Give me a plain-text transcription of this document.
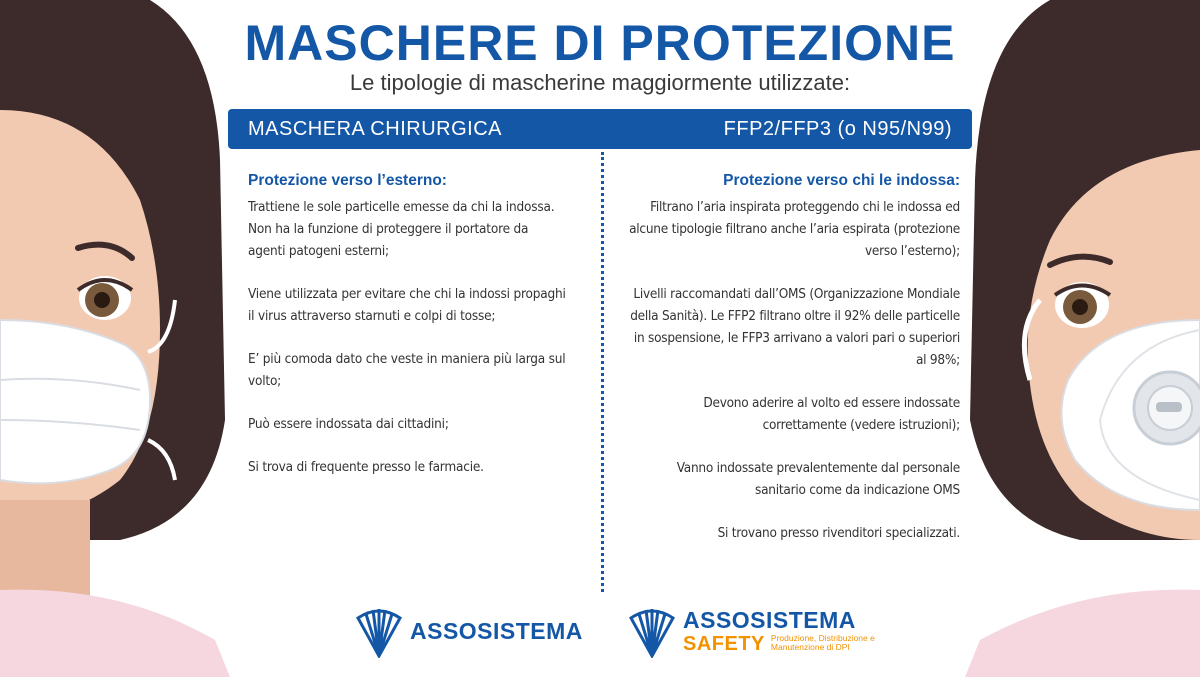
MASCHERE DI PROTEZIONE
Le tipologie di mascherine maggiormente utilizzate:
MASCHERA CHIRURGICA	FFP2/FFP3 (o N95/N99)
Protezione verso l’esterno:

Trattiene le sole particelle emesse da chi la indossa. Non ha la funzione di proteggere il portatore da agenti patogeni esterni;

Viene utilizzata per evitare che chi la indossi propaghi il virus attraverso starnuti e colpi di tosse;

E’ più comoda dato che veste in maniera più larga sul volto;

Può essere indossata dai cittadini;

Si trova di frequente presso le farmacie.

Protezione verso chi le indossa:

Filtrano l’aria inspirata proteggendo chi le indossa ed alcune tipologie filtrano anche l’aria espirata (protezione verso l’esterno);

Livelli raccomandati dall’OMS (Organizzazione Mondiale della Sanità). Le FFP2 filtrano oltre il 92% delle particelle in sospensione, le FFP3 arrivano a valori pari o superiori al 98%;

Devono aderire al volto ed essere indossate correttamente (vedere istruzioni);

Vanno indossate prevalentemente dal personale sanitario come da indicazione OMS

Si trovano presso rivenditori specializzati.

ASSOSISTEMA	ASSOSISTEMA
SAFETY Produzione, Distribuzione e Manutenzione di DPI
